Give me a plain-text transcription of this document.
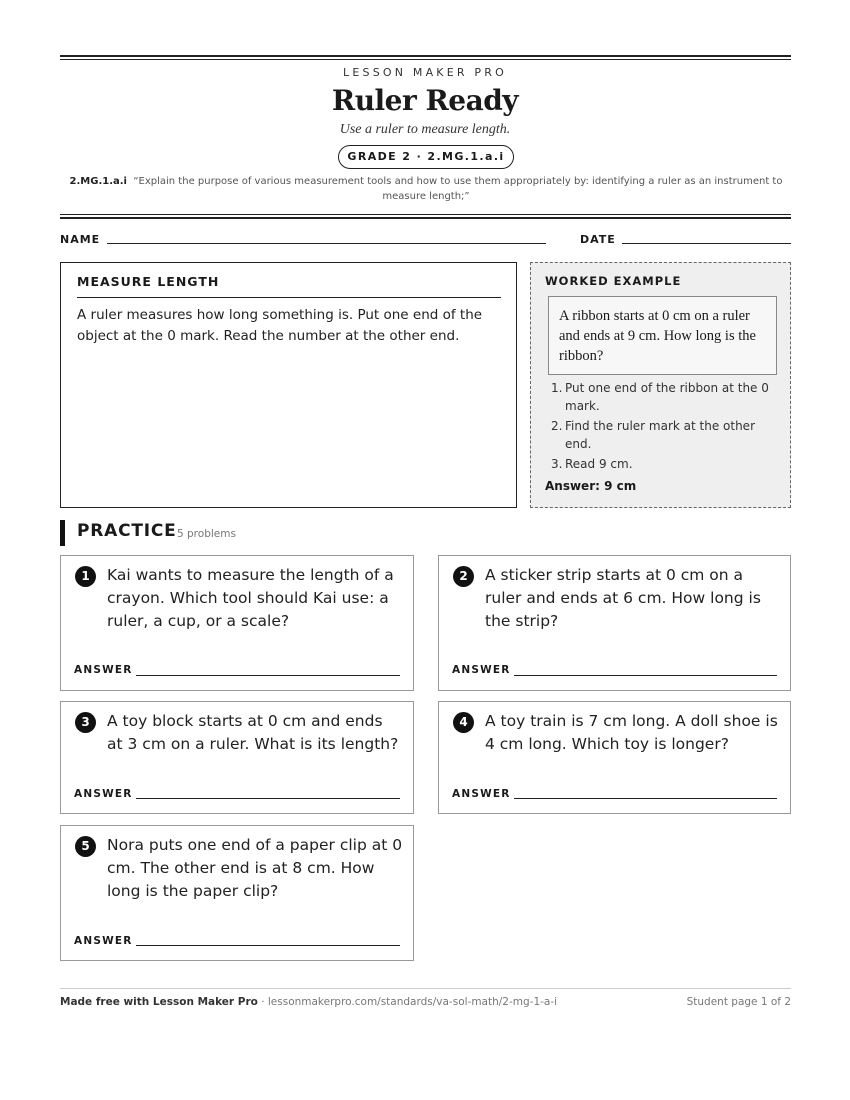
LESSON MAKER PRO
Ruler Ready
Use a ruler to measure length.
GRADE 2 · 2.MG.1.a.i
2.MG.1.a.i “Explain the purpose of various measurement tools and how to use them appropriately by: identifying a ruler as an instrument to measure length;”
NAME	DATE
MEASURE LENGTH
A ruler measures how long something is. Put one end of the object at the 0 mark. Read the number at the other end.
WORKED EXAMPLE
A ribbon starts at 0 cm on a ruler and ends at 9 cm. How long is the ribbon?
1. Put one end of the ribbon at the 0 mark.
2. Find the ruler mark at the other end.
3. Read 9 cm.
Answer: 9 cm
PRACTICE 5 problems
1	Kai wants to measure the length of a crayon. Which tool should Kai use: a ruler, a cup, or a scale?
ANSWER
2	A sticker strip starts at 0 cm on a ruler and ends at 6 cm. How long is the strip?
ANSWER
3	A toy block starts at 0 cm and ends at 3 cm on a ruler. What is its length?
ANSWER
4	A toy train is 7 cm long. A doll shoe is 4 cm long. Which toy is longer?
ANSWER
5	Nora puts one end of a paper clip at 0 cm. The other end is at 8 cm. How long is the paper clip?
ANSWER
Made free with Lesson Maker Pro · lessonmakerpro.com/standards/va-sol-math/2-mg-1-a-i	Student page 1 of 2
